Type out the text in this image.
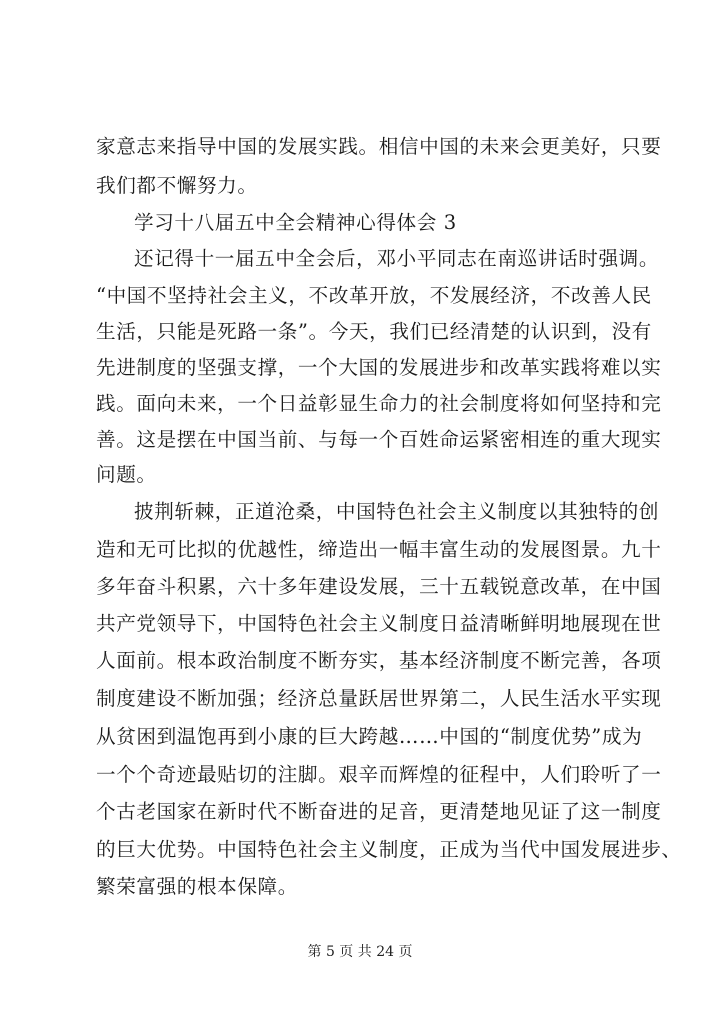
家意志来指导中国的发展实践。相信中国的未来会更美好，只要
我们都不懈努力。
学习十八届五中全会精神心得体会 3
还记得十一届五中全会后，邓小平同志在南巡讲话时强调。
“中国不坚持社会主义，不改革开放，不发展经济，不改善人民
生活，只能是死路一条”。今天，我们已经清楚的认识到，没有
先进制度的坚强支撑，一个大国的发展进步和改革实践将难以实
践。面向未来，一个日益彰显生命力的社会制度将如何坚持和完
善。这是摆在中国当前、与每一个百姓命运紧密相连的重大现实
问题。
披荆斩棘，正道沧桑，中国特色社会主义制度以其独特的创
造和无可比拟的优越性，缔造出一幅丰富生动的发展图景。九十
多年奋斗积累，六十多年建设发展，三十五载锐意改革，在中国
共产党领导下，中国特色社会主义制度日益清晰鲜明地展现在世
人面前。根本政治制度不断夯实，基本经济制度不断完善，各项
制度建设不断加强；经济总量跃居世界第二，人民生活水平实现
从贫困到温饱再到小康的巨大跨越……中国的“制度优势”成为
一个个奇迹最贴切的注脚。艰辛而辉煌的征程中，人们聆听了一
个古老国家在新时代不断奋进的足音，更清楚地见证了这一制度
的巨大优势。中国特色社会主义制度，正成为当代中国发展进步、
繁荣富强的根本保障。
第 5 页 共 24 页
